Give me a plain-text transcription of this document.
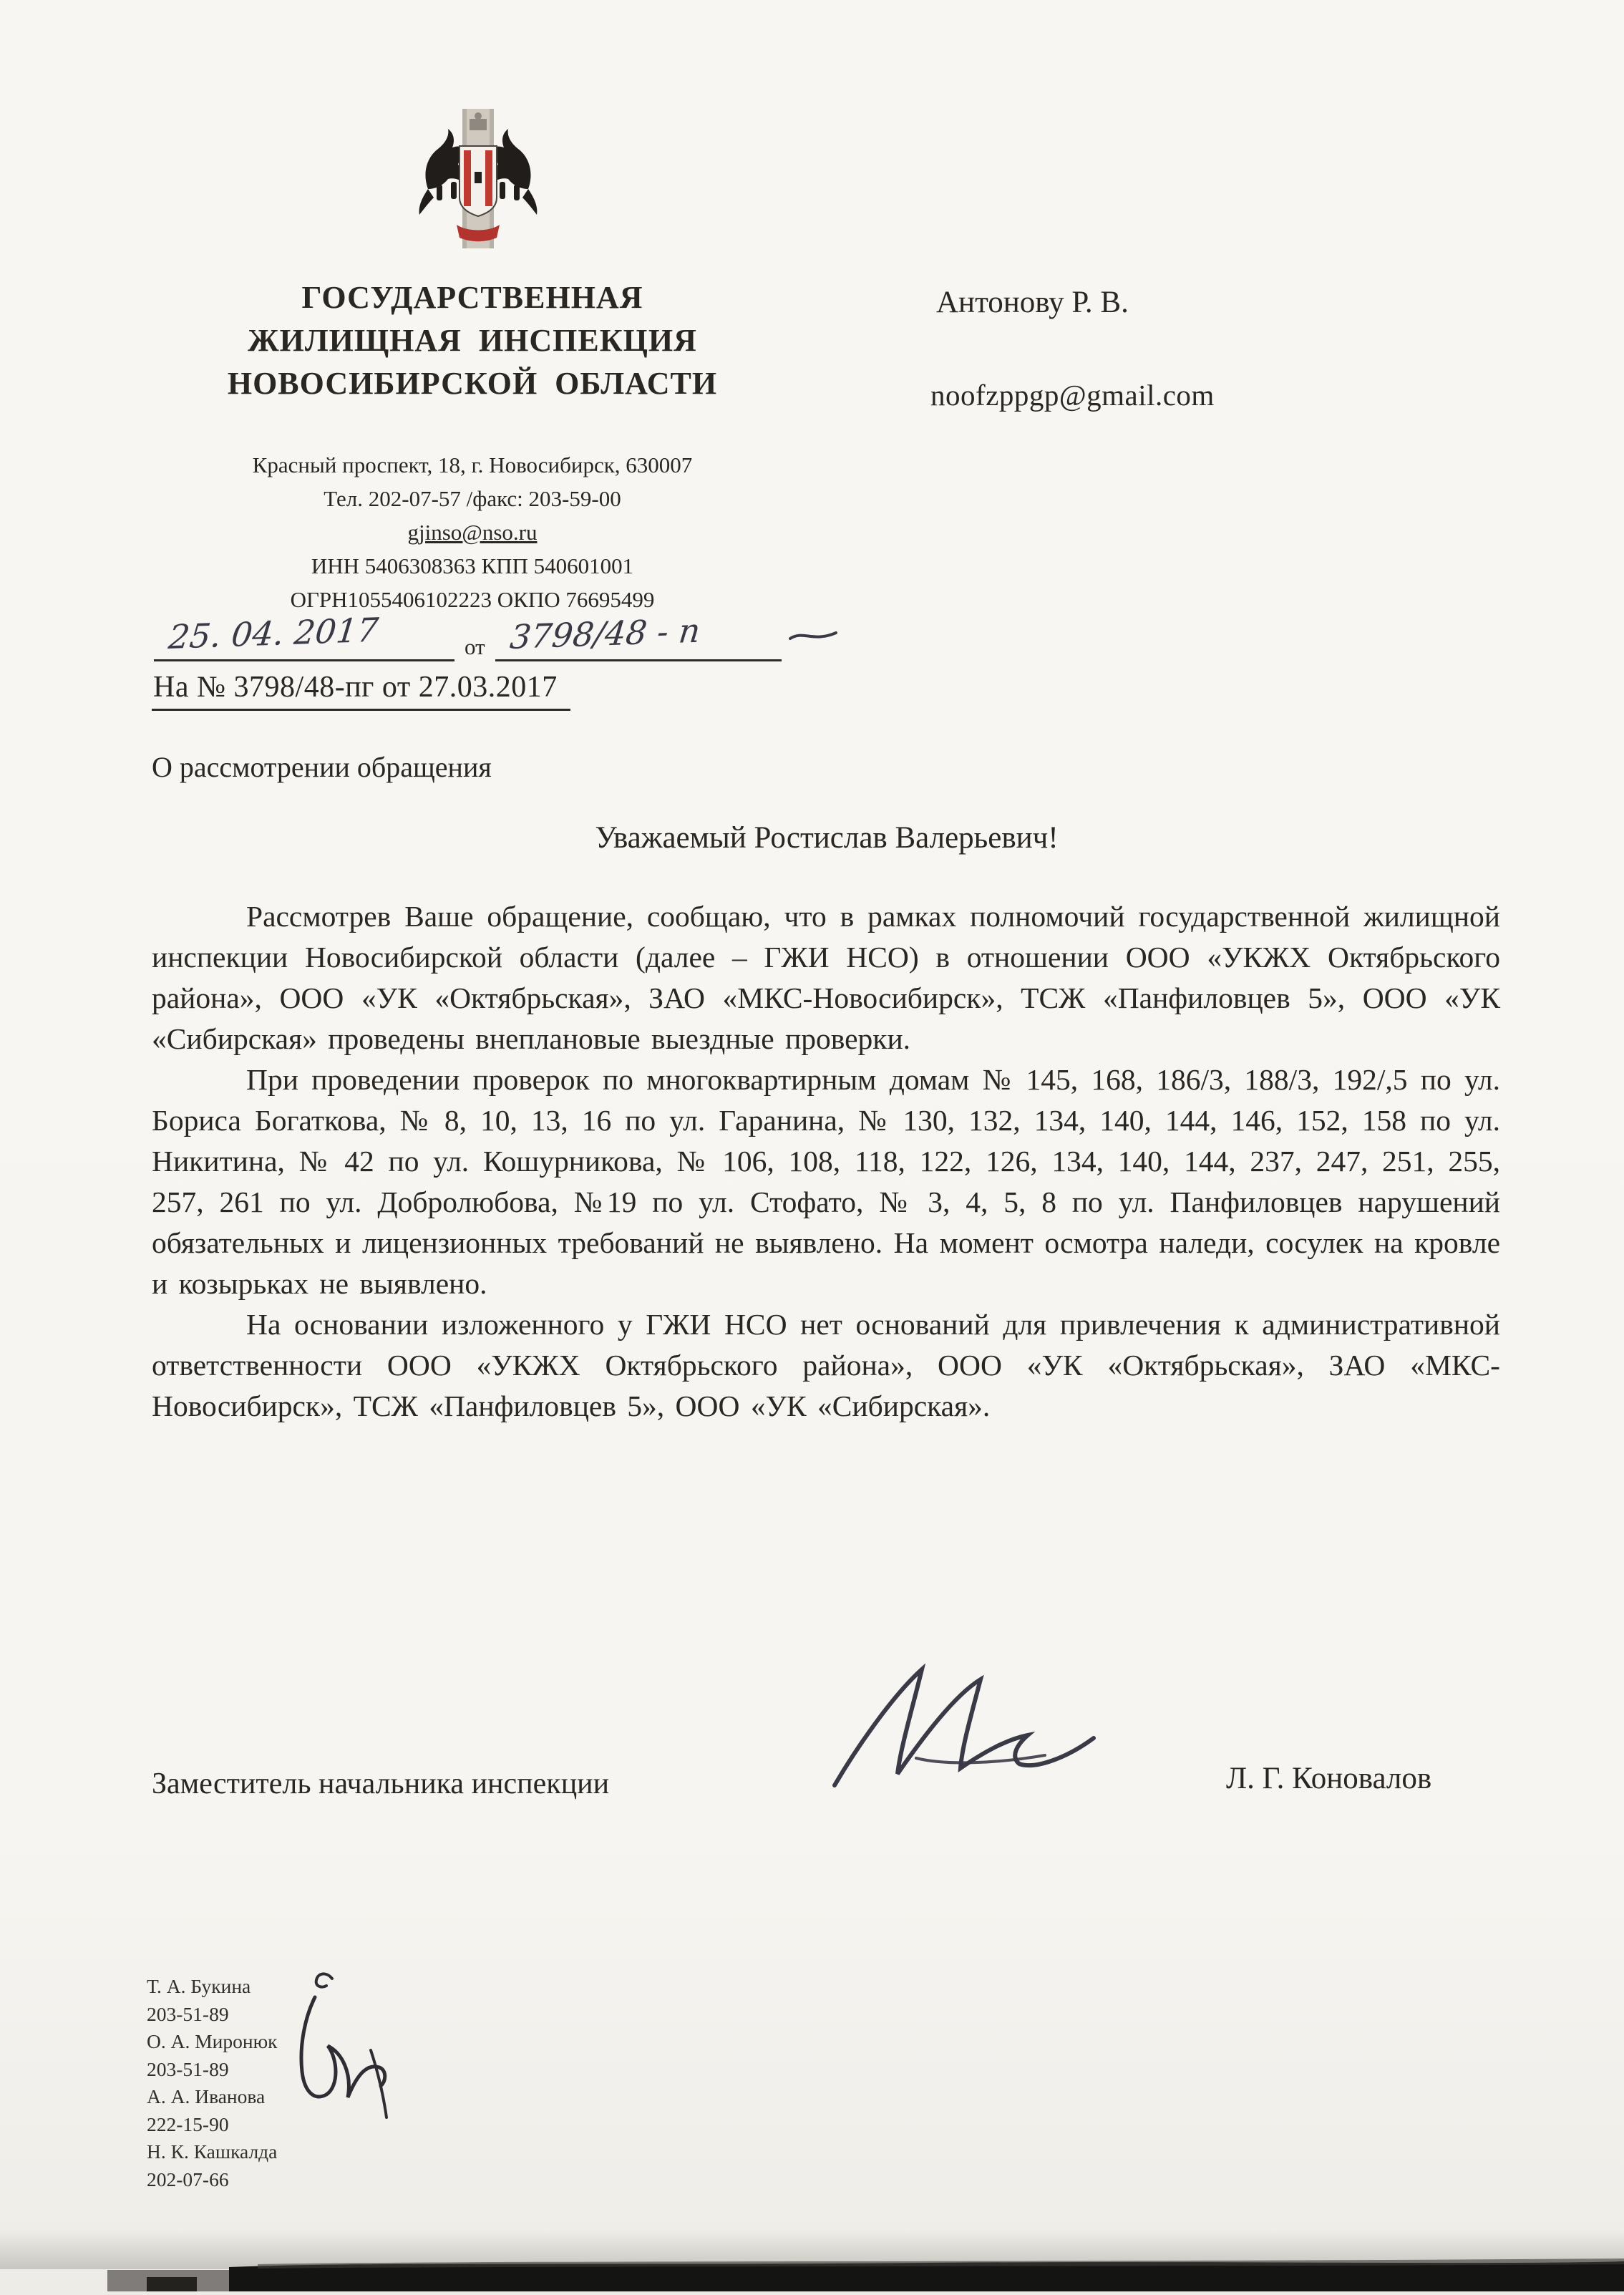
ГОСУДАРСТВЕННАЯ
ЖИЛИЩНАЯ ИНСПЕКЦИЯ
НОВОСИБИРСКОЙ ОБЛАСТИ
Антонову Р. В.
noofzppgp@gmail.com
Красный проспект, 18, г. Новосибирск, 630007
Тел. 202-07-57 /факс: 203-59-00
gjinso@nso.ru
ИНН 5406308363 КПП 540601001
ОГРН1055406102223 ОКПО 76695499
25. 04. 2017	от 3798/48 - п
На № 3798/48-пг от 27.03.2017
О рассмотрении обращения
Уважаемый Ростислав Валерьевич!

Рассмотрев Ваше обращение, сообщаю, что в рамках полномочий государственной жилищной инспекции Новосибирской области (далее – ГЖИ НСО) в отношении ООО «УКЖХ Октябрьского района», ООО «УК «Октябрьская», ЗАО «МКС-Новосибирск», ТСЖ «Панфиловцев 5», ООО «УК «Сибирская» проведены внеплановые выездные проверки.

При проведении проверок по многоквартирным домам № 145, 168, 186/3, 188/3, 192/,5 по ул. Бориса Богаткова, № 8, 10, 13, 16 по ул. Гаранина, № 130, 132, 134, 140, 144, 146, 152, 158 по ул. Никитина, № 42 по ул. Кошурникова, № 106, 108, 118, 122, 126, 134, 140, 144, 237, 247, 251, 255, 257, 261 по ул. Добролюбова, №19 по ул. Стофато, № 3, 4, 5, 8 по ул. Панфиловцев нарушений обязательных и лицензионных требований не выявлено. На момент осмотра наледи, сосулек на кровле и козырьках не выявлено.

На основании изложенного у ГЖИ НСО нет оснований для привлечения к административной ответственности ООО «УКЖХ Октябрьского района», ООО «УК «Октябрьская», ЗАО «МКС-Новосибирск», ТСЖ «Панфиловцев 5», ООО «УК «Сибирская».

Заместитель начальника инспекции	Л. Г. Коновалов
Т. А. Букина
203-51-89
О. А. Миронюк
203-51-89
А. А. Иванова
222-15-90
Н. К. Кашкалда
202-07-66
